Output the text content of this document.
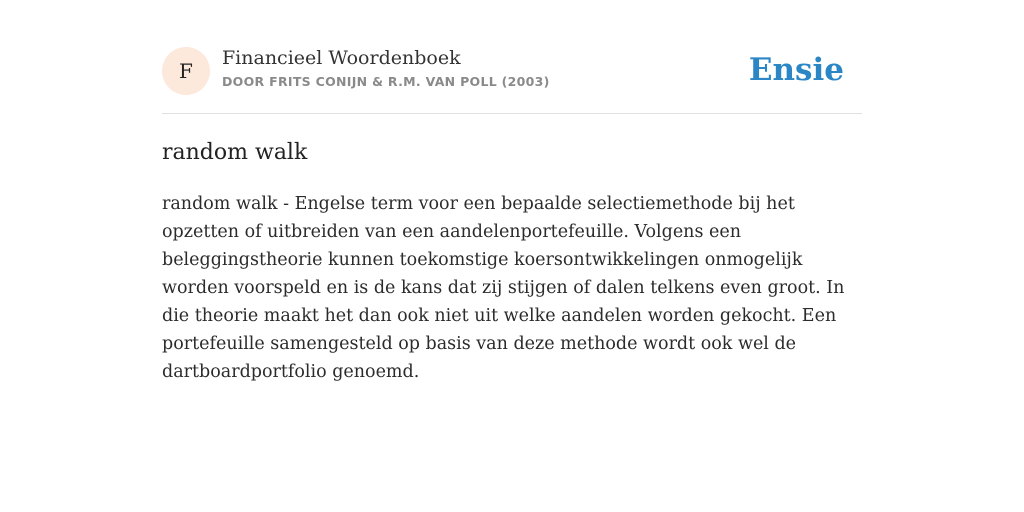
F
Financieel Woordenboek
DOOR FRITS CONIJN & R.M. VAN POLL (2003)	Ensie
random walk

random walk - Engelse term voor een bepaalde selectiemethode bij het opzetten of uitbreiden van een aandelenportefeuille. Volgens een beleggingstheorie kunnen toekomstige koersontwikkelingen onmogelijk worden voorspeld en is de kans dat zij stijgen of dalen telkens even groot. In die theorie maakt het dan ook niet uit welke aandelen worden gekocht. Een portefeuille samengesteld op basis van deze methode wordt ook wel de dartboardportfolio genoemd.
